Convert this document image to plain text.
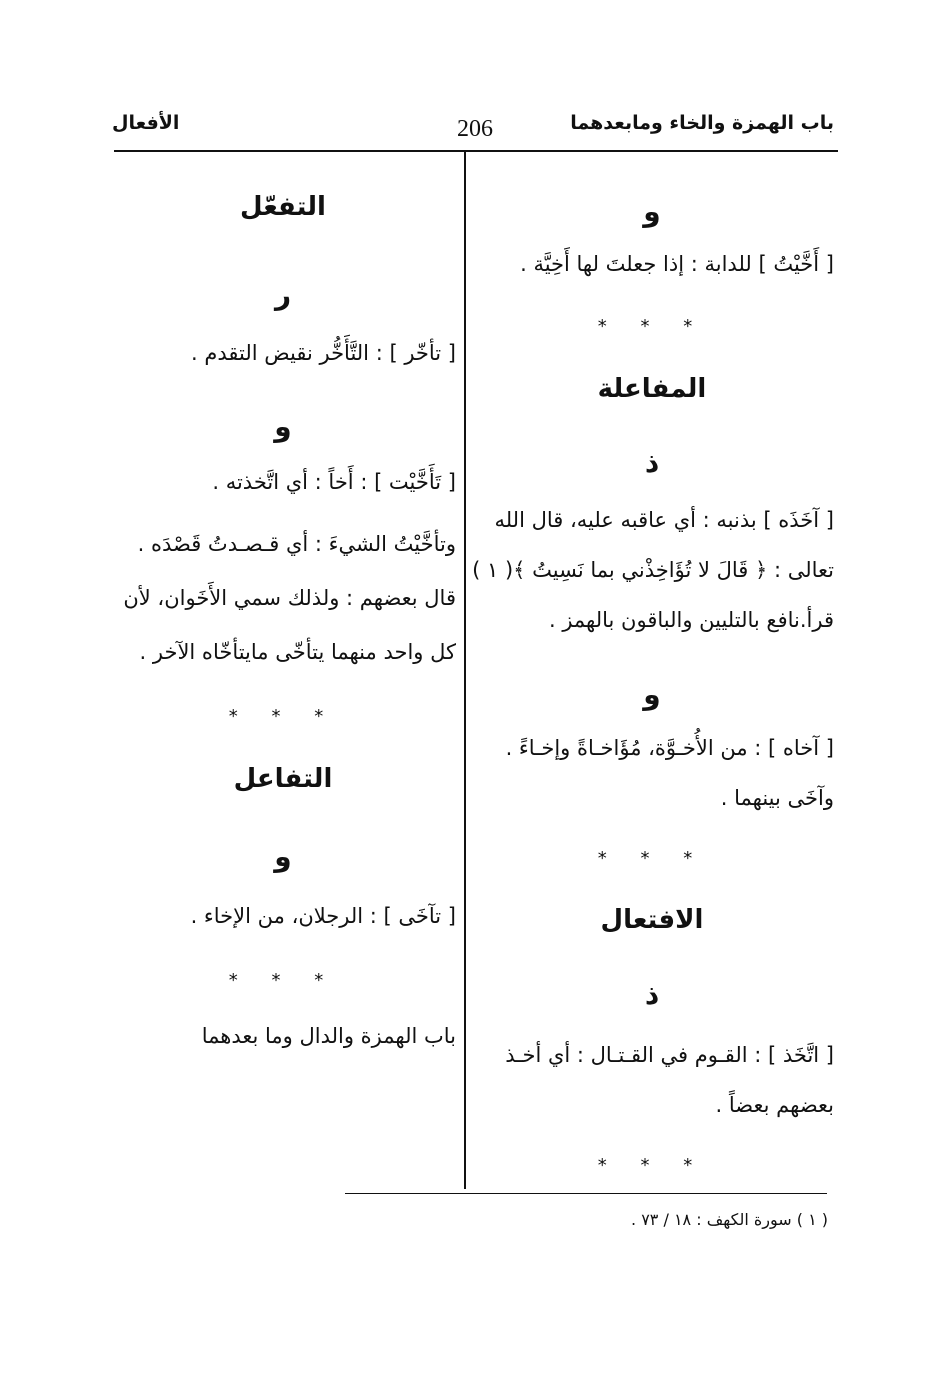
باب الهمزة والخاء ومابعدهما
206
الأفعال
و
[ أَخَّيْتُ ] للدابة : إذا جعلتَ لها أَخِيَّة .
* * *
المفاعلة
ذ
[ آخَذَه ] بذنبه : أي عاقبه عليه، قال الله
تعالى : ﴿ قَالَ لا تُؤَاخِذْني بما نَسِيتُ ﴾( ١ )
قرأ.نافع بالتليين والباقون بالهمز .
و
[ آخاه ] : من الأُخـوَّة، مُؤَاخـاةً وإخـاءً .
وآخَى بينهما .
* * *
الافتعال
ذ
[ اتَّخَذ ] : القـوم في القـتـال : أي أخـذ
بعضهم بعضاً .
* * *
التفعّل
ر
[ تأخّر ] : التَّأَخُّر نقيض التقدم .
و
[ تَأَخَّيْت ] : أَخاً : أي اتَّخذته .
وتأخَّيْتُ الشيءَ : أي قـصـدتُ قَصْدَه .
قال بعضهم : ولذلك سمي الأَخَوان، لأن
كل واحد منهما يتأخّى مايتأخّاه الآخر .
* * *
التفاعل
و
[ تآخَى ] : الرجلان، من الإخاء .
* * *
باب الهمزة والدال وما بعدهما
( ١ ) سورة الكهف : ١٨ / ٧٣ .
